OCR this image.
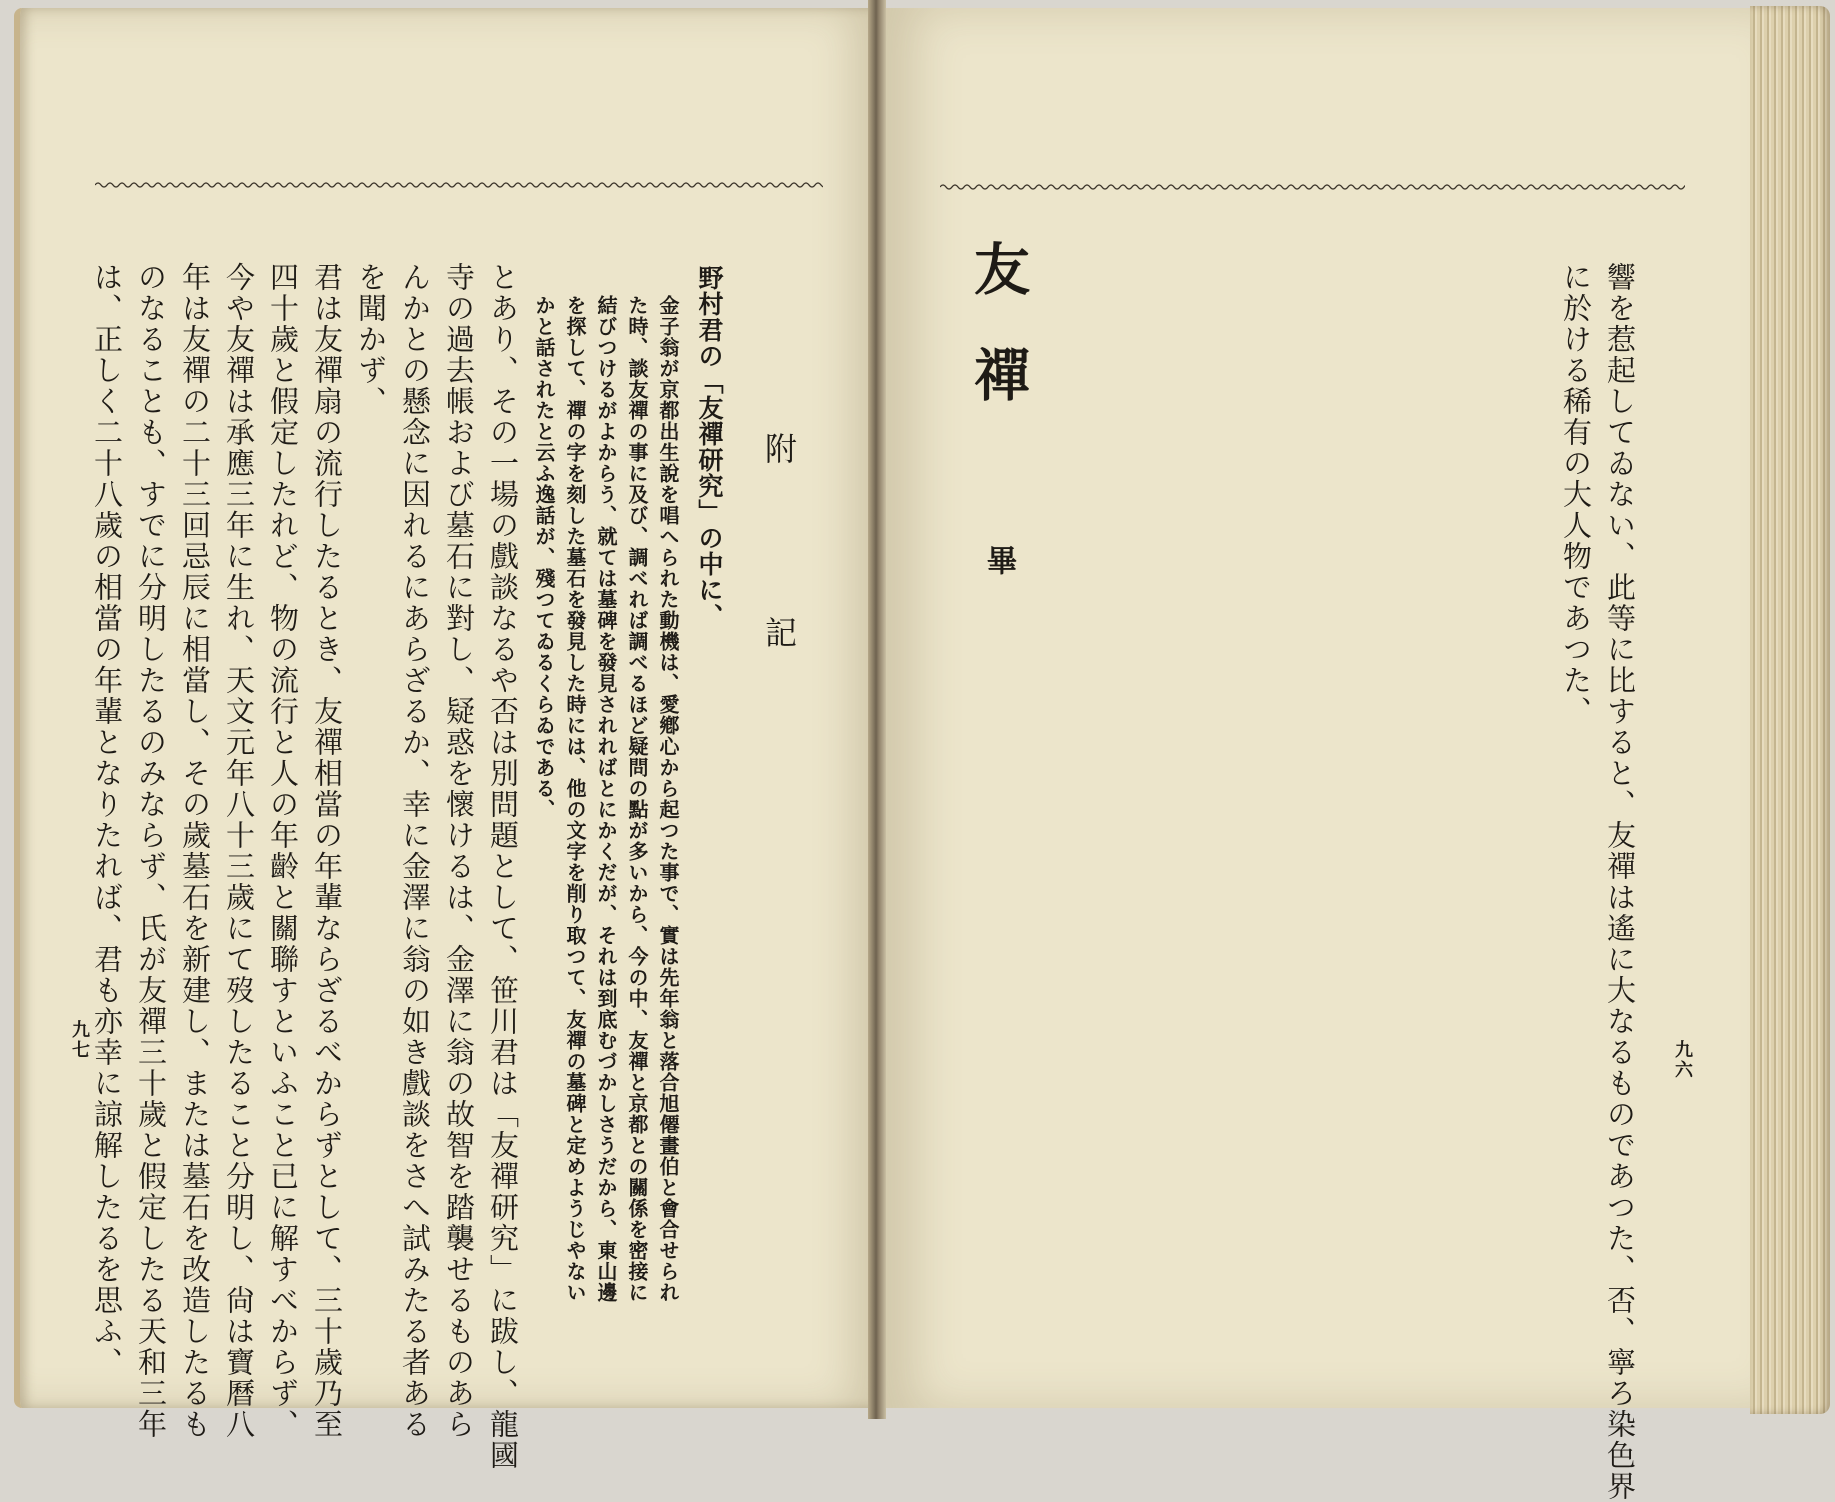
附　記
野村君の「友禪研究」の中に、
金子翁が京都出生說を唱へられた動機は、愛鄕心から起つた事で、實は先年翁と落合旭僊畫伯と會合せられ
た時、談友禪の事に及び、調べれば調べるほど疑問の點が多いから、今の中、友禪と京都との關係を密接に
結びつけるがよからう、就ては墓碑を發見されればとにかくだが、それは到底むづかしさうだから、東山邊
を探して、禪の字を刻した墓石を發見した時には、他の文字を削り取つて、友禪の墓碑と定めようじやない
かと話されたと云ふ逸話が、殘つてゐるくらゐである、
とあり、その一場の戲談なるや否は別問題として、笹川君は「友禪研究」に跋し、龍國
寺の過去帳および墓石に對し、疑惑を懷けるは、金澤に翁の故智を踏襲せるものあら
んかとの懸念に因れるにあらざるか、幸に金澤に翁の如き戲談をさへ試みたる者ある
を聞かず、
君は友禪扇の流行したるとき、友禪相當の年輩ならざるべからずとして、三十歲乃至
四十歲と假定したれど、物の流行と人の年齡と關聯すといふこと已に解すべからず、
今や友禪は承應三年に生れ、天文元年八十三歲にて歿したること分明し、尙は寶曆八
年は友禪の二十三回忌辰に相當し、その歲墓石を新建し、または墓石を改造したるも
のなることも、すでに分明したるのみならず、氏が友禪三十歲と假定したる天和三年
は、正しく二十八歲の相當の年輩となりたれば、君も亦幸に諒解したるを思ふ、
九七	響を惹起してゐない、此等に比すると、友禪は遙に大なるものであつた、否、寧ろ染色界
に於ける稀有の大人物であつた、
友禪
畢
九六
